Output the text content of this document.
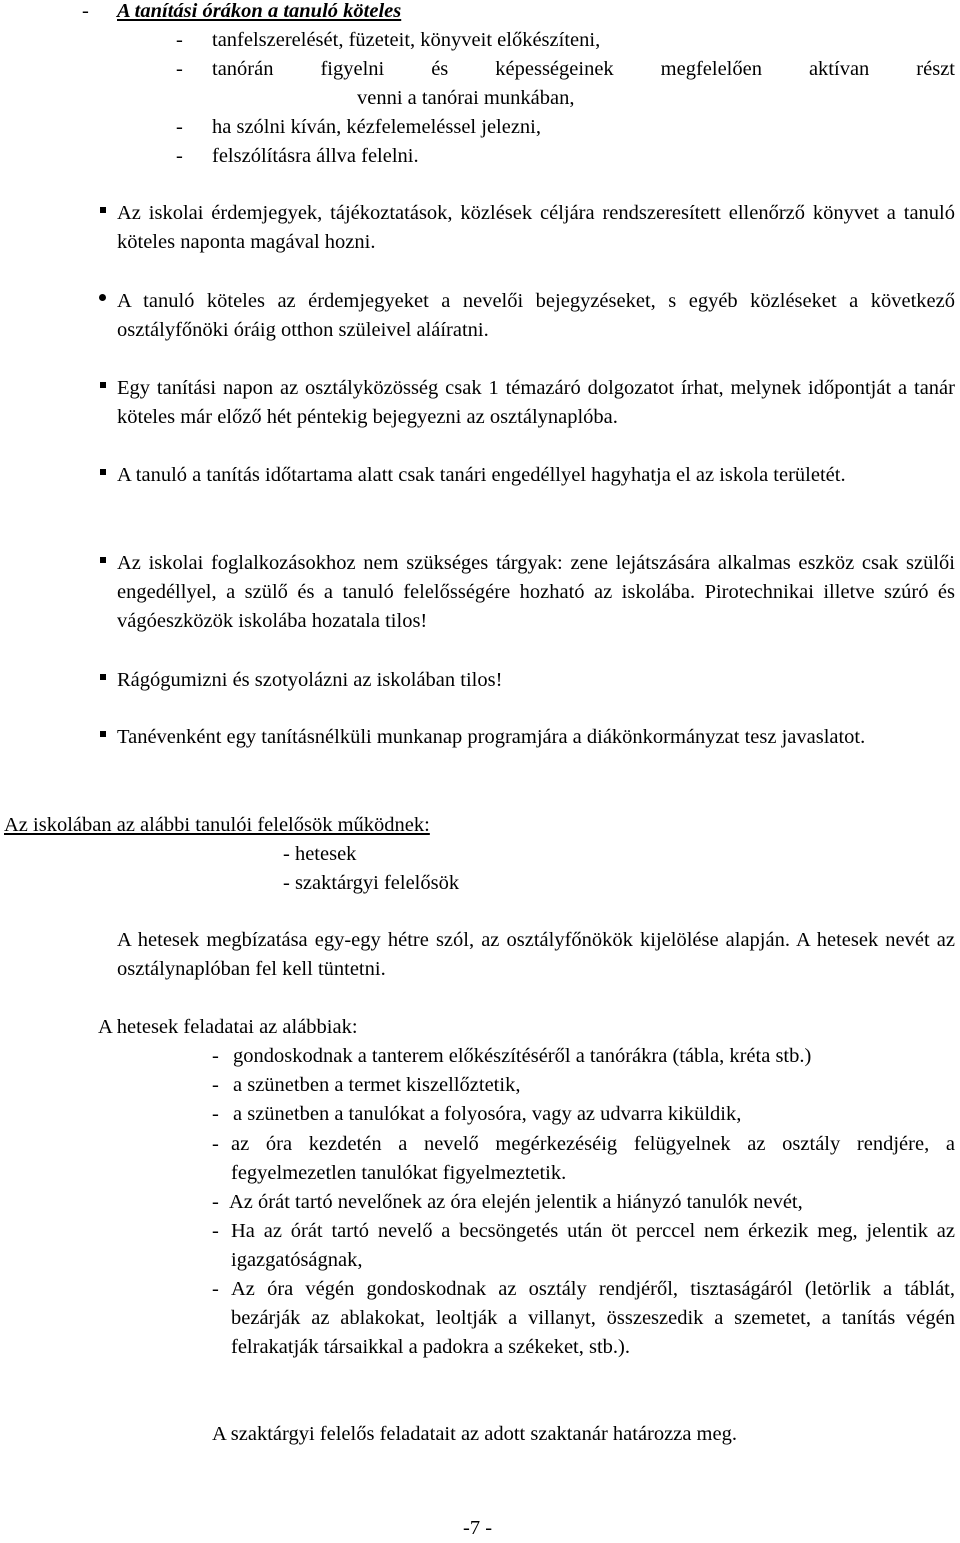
- A tanítási órákon a tanuló köteles
- tanfelszerelését, füzeteit, könyveit előkészíteni,
- tanórán figyelni és képességeinek megfelelően aktívan részt
venni a tanórai munkában,
- ha szólni kíván, kézfelemeléssel jelezni,
- felszólításra állva felelni.
Az iskolai érdemjegyek, tájékoztatások, közlések céljára rendszeresített ellenőrző könyvet a tanuló köteles naponta magával hozni.
A tanuló köteles az érdemjegyeket a nevelői bejegyzéseket, s egyéb közléseket a következő osztályfőnöki óráig otthon szüleivel aláíratni.
Egy tanítási napon az osztályközösség csak 1 témazáró dolgozatot írhat, melynek időpontját a tanár köteles már előző hét péntekig bejegyezni az osztálynaplóba.
A tanuló a tanítás időtartama alatt csak tanári engedéllyel hagyhatja el az iskola területét.
Az iskolai foglalkozásokhoz nem szükséges tárgyak: zene lejátszására alkalmas eszköz csak szülői engedéllyel, a szülő és a tanuló felelősségére hozható az iskolába. Pirotechnikai illetve szúró és vágóeszközök iskolába hozatala tilos!
Rágógumizni és szotyolázni az iskolában tilos!
Tanévenként egy tanításnélküli munkanap programjára a diákönkormányzat tesz javaslatot.
Az iskolában az alábbi tanulói felelősök működnek:
- hetesek
- szaktárgyi felelősök
A hetesek megbízatása egy-egy hétre szól, az osztályfőnökök kijelölése alapján. A hetesek nevét az osztálynaplóban fel kell tüntetni.
A hetesek feladatai az alábbiak:
- gondoskodnak a tanterem előkészítéséről a tanórákra (tábla, kréta stb.)
- a szünetben a termet kiszellőztetik,
- a szünetben a tanulókat a folyosóra, vagy az udvarra kiküldik,
- az óra kezdetén a nevelő megérkezéséig felügyelnek az osztály rendjére, a fegyelmezetlen tanulókat figyelmeztetik.
- Az órát tartó nevelőnek az óra elején jelentik a hiányzó tanulók nevét,
- Ha az órát tartó nevelő a becsöngetés után öt perccel nem érkezik meg, jelentik az igazgatóságnak,
- Az óra végén gondoskodnak az osztály rendjéről, tisztaságáról (letörlik a táblát, bezárják az ablakokat, leoltják a villanyt, összeszedik a szemetet, a tanítás végén felrakatják társaikkal a padokra a székeket, stb.).
A szaktárgyi felelős feladatait az adott szaktanár határozza meg.
-7 -
